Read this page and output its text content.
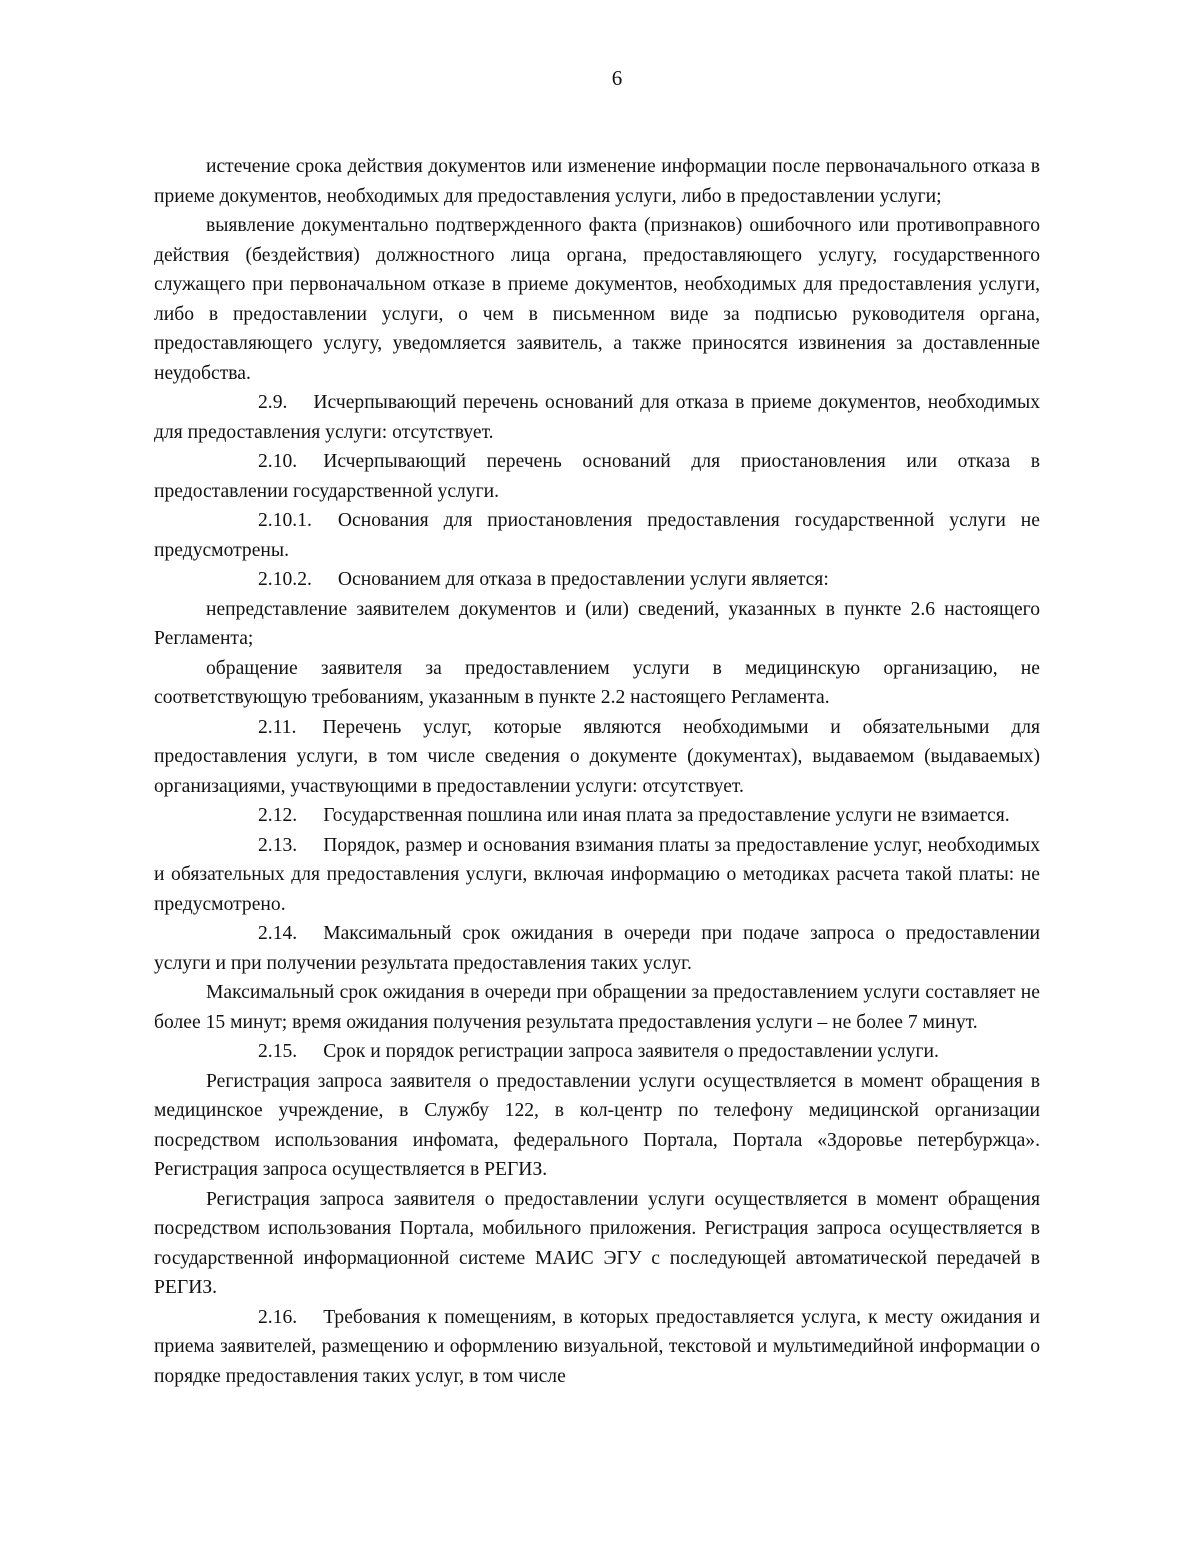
6

истечение срока действия документов или изменение информации после первоначального отказа в приеме документов, необходимых для предоставления услуги, либо в предоставлении услуги;

выявление документально подтвержденного факта (признаков) ошибочного или противоправного действия (бездействия) должностного лица органа, предоставляющего услугу, государственного служащего при первоначальном отказе в приеме документов, необходимых для предоставления услуги, либо в предоставлении услуги, о чем в письменном виде за подписью руководителя органа, предоставляющего услугу, уведомляется заявитель, а также приносятся извинения за доставленные неудобства.

2.9. Исчерпывающий перечень оснований для отказа в приеме документов, необходимых для предоставления услуги: отсутствует.

2.10. Исчерпывающий перечень оснований для приостановления или отказа в предоставлении государственной услуги.

2.10.1. Основания для приостановления предоставления государственной услуги не предусмотрены.

2.10.2. Основанием для отказа в предоставлении услуги является:

непредставление заявителем документов и (или) сведений, указанных в пункте 2.6 настоящего Регламента;

обращение заявителя за предоставлением услуги в медицинскую организацию, не соответствующую требованиям, указанным в пункте 2.2 настоящего Регламента.

2.11. Перечень услуг, которые являются необходимыми и обязательными для предоставления услуги, в том числе сведения о документе (документах), выдаваемом (выдаваемых) организациями, участвующими в предоставлении услуги: отсутствует.

2.12. Государственная пошлина или иная плата за предоставление услуги не взимается.

2.13. Порядок, размер и основания взимания платы за предоставление услуг, необходимых и обязательных для предоставления услуги, включая информацию о методиках расчета такой платы: не предусмотрено.

2.14. Максимальный срок ожидания в очереди при подаче запроса о предоставлении услуги и при получении результата предоставления таких услуг.

Максимальный срок ожидания в очереди при обращении за предоставлением услуги составляет не более 15 минут; время ожидания получения результата предоставления услуги – не более 7 минут.

2.15. Срок и порядок регистрации запроса заявителя о предоставлении услуги.

Регистрация запроса заявителя о предоставлении услуги осуществляется в момент обращения в медицинское учреждение, в Службу 122, в кол-центр по телефону медицинской организации посредством использования инфомата, федерального Портала, Портала «Здоровье петербуржца». Регистрация запроса осуществляется в РЕГИЗ.

Регистрация запроса заявителя о предоставлении услуги осуществляется в момент обращения посредством использования Портала, мобильного приложения. Регистрация запроса осуществляется в государственной информационной системе МАИС ЭГУ с последующей автоматической передачей в РЕГИЗ.

2.16. Требования к помещениям, в которых предоставляется услуга, к месту ожидания и приема заявителей, размещению и оформлению визуальной, текстовой и мультимедийной информации о порядке предоставления таких услуг, в том числе
